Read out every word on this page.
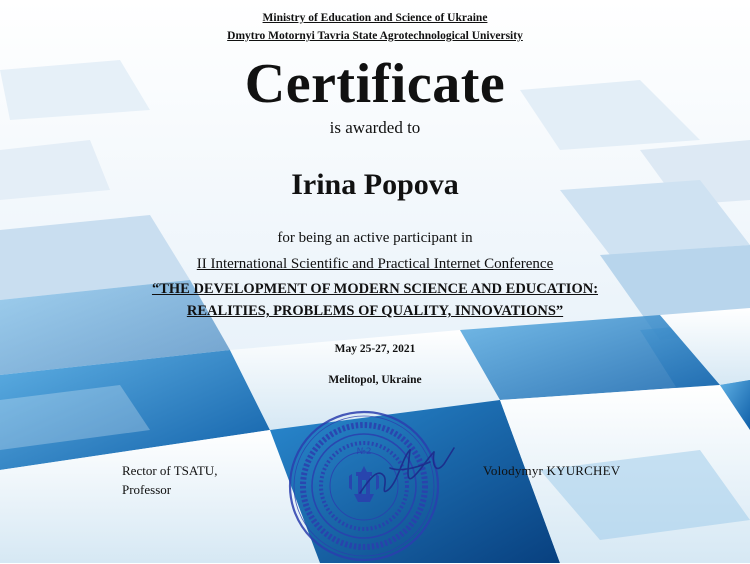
Ministry of Education and Science of Ukraine
Dmytro Motornyi Tavria State Agrotechnological University
Certificate
is awarded to
Irina Popova
for being an active participant in
II International Scientific and Practical Internet Conference
“THE DEVELOPMENT OF MODERN SCIENCE AND EDUCATION:
REALITIES, PROBLEMS OF QUALITY, INNOVATIONS”
May 25-27, 2021
Melitopol, Ukraine
Rector of TSATU,
Professor
Volodymyr KYURCHEV
№2
